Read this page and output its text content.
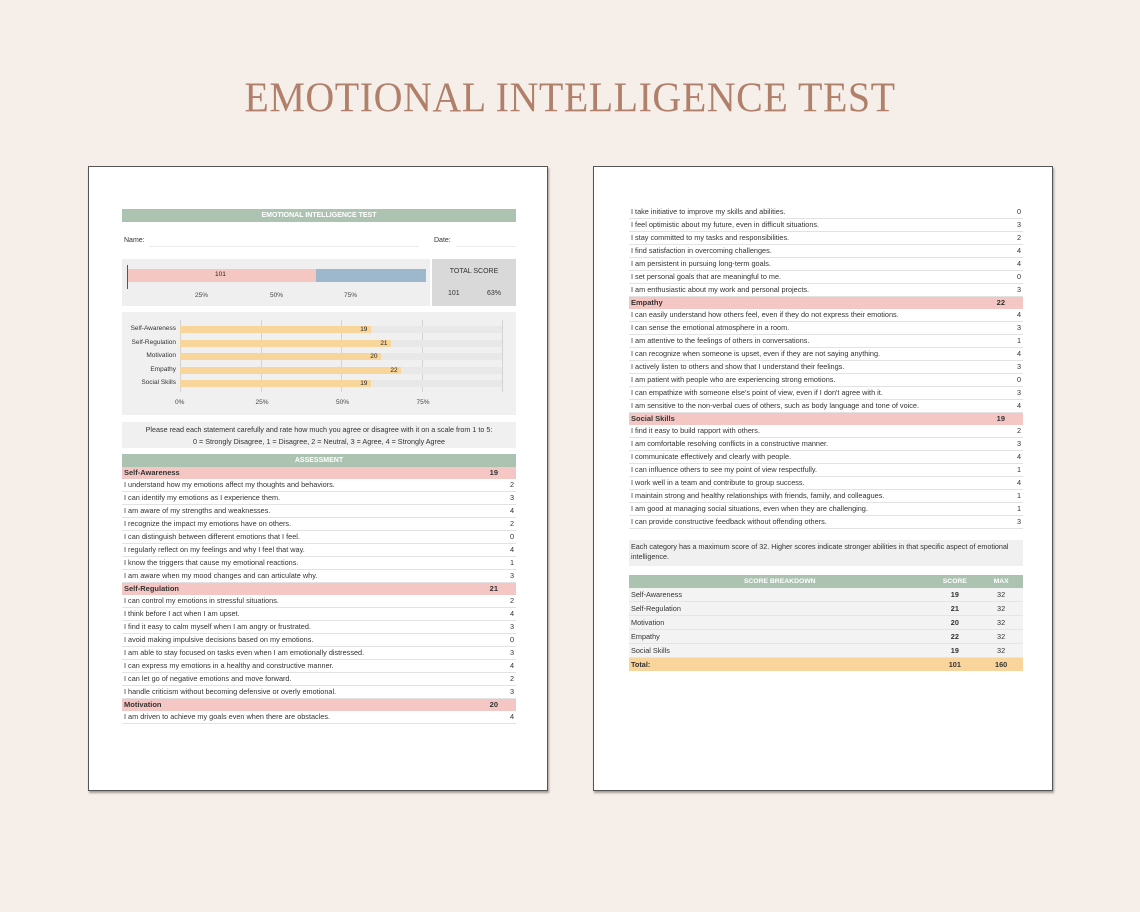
EMOTIONAL INTELLIGENCE TEST
EMOTIONAL INTELLIGENCE TEST
Name:	Date:
101
25%	50%	75%
TOTAL SCORE
101	63%
Self-Awareness	19
Self-Regulation	21
Motivation	20
Empathy	22
Social Skills	19
0%	25%	50%	75%
Please read each statement carefully and rate how much you agree or disagree with it on a scale from 1 to 5:
0 = Strongly Disagree, 1 = Disagree, 2 = Neutral, 3 = Agree, 4 = Strongly Agree
ASSESSMENT
Self-Awareness	19
I understand how my emotions affect my thoughts and behaviors.	2
I can identify my emotions as I experience them.	3
I am aware of my strengths and weaknesses.	4
I recognize the impact my emotions have on others.	2
I can distinguish between different emotions that I feel.	0
I regularly reflect on my feelings and why I feel that way.	4
I know the triggers that cause my emotional reactions.	1
I am aware when my mood changes and can articulate why.	3
Self-Regulation	21
I can control my emotions in stressful situations.	2
I think before I act when I am upset.	4
I find it easy to calm myself when I am angry or frustrated.	3
I avoid making impulsive decisions based on my emotions.	0
I am able to stay focused on tasks even when I am emotionally distressed.	3
I can express my emotions in a healthy and constructive manner.	4
I can let go of negative emotions and move forward.	2
I handle criticism without becoming defensive or overly emotional.	3
Motivation	20
I am driven to achieve my goals even when there are obstacles.	4
I take initiative to improve my skills and abilities.	0
I feel optimistic about my future, even in difficult situations.	3
I stay committed to my tasks and responsibilities.	2
I find satisfaction in overcoming challenges.	4
I am persistent in pursuing long-term goals.	4
I set personal goals that are meaningful to me.	0
I am enthusiastic about my work and personal projects.	3
Empathy	22
I can easily understand how others feel, even if they do not express their emotions.	4
I can sense the emotional atmosphere in a room.	3
I am attentive to the feelings of others in conversations.	1
I can recognize when someone is upset, even if they are not saying anything.	4
I actively listen to others and show that I understand their feelings.	3
I am patient with people who are experiencing strong emotions.	0
I can empathize with someone else's point of view, even if I don't agree with it.	3
I am sensitive to the non-verbal cues of others, such as body language and tone of voice.	4
Social Skills	19
I find it easy to build rapport with others.	2
I am comfortable resolving conflicts in a constructive manner.	3
I communicate effectively and clearly with people.	4
I can influence others to see my point of view respectfully.	1
I work well in a team and contribute to group success.	4
I maintain strong and healthy relationships with friends, family, and colleagues.	1
I am good at managing social situations, even when they are challenging.	1
I can provide constructive feedback without offending others.	3
Each category has a maximum score of 32. Higher scores indicate stronger abilities in that specific aspect of emotional intelligence.
SCORE BREAKDOWN	SCORE	MAX
Self-Awareness	19	32
Self-Regulation	21	32
Motivation	20	32
Empathy	22	32
Social Skills	19	32
Total:	101	160
